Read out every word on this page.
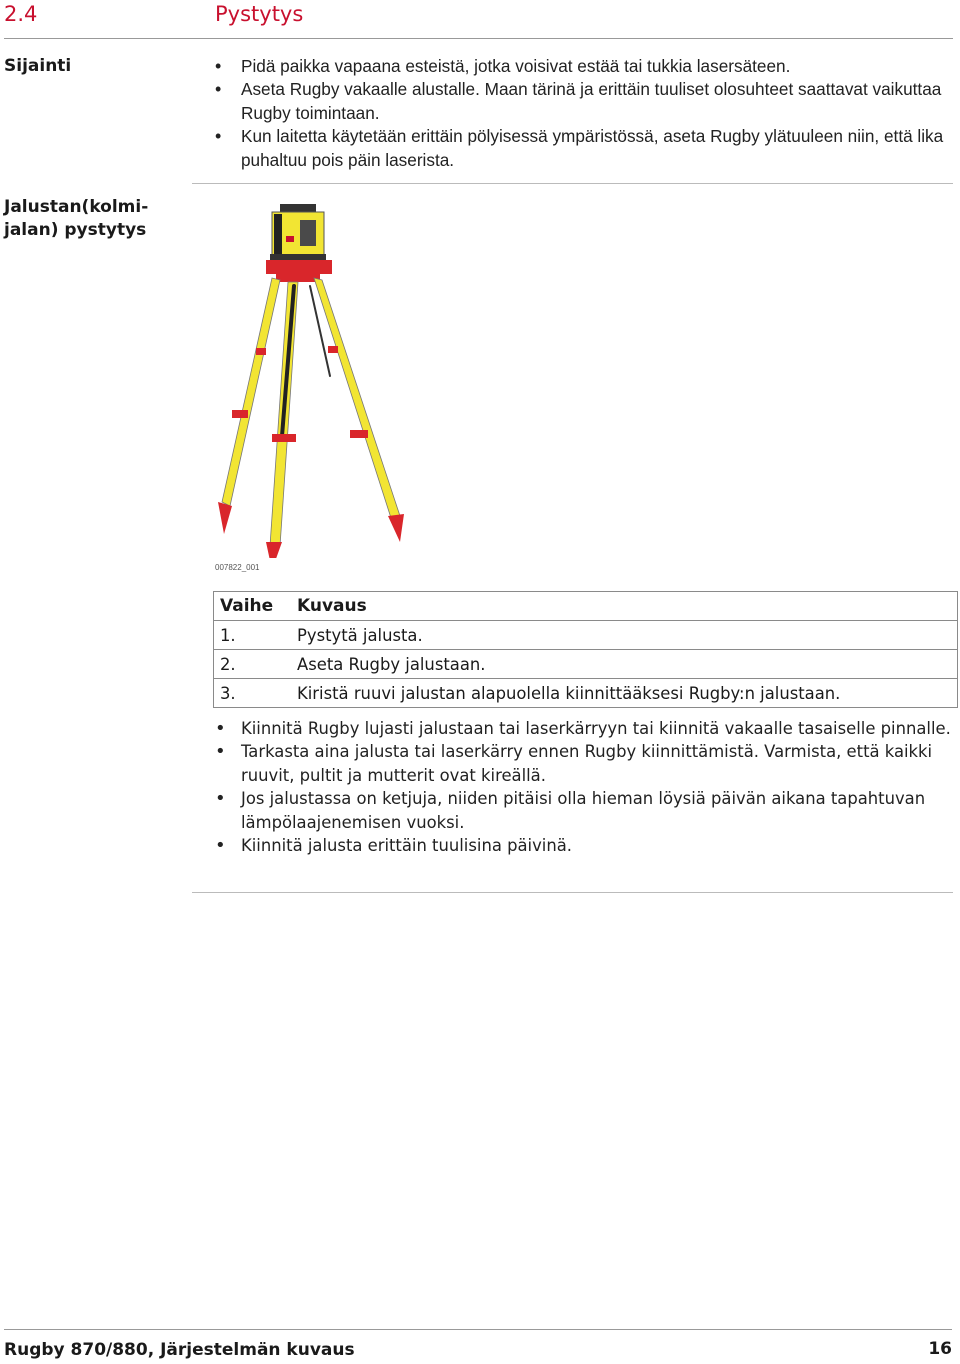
2.4	Pystytys
Sijainti	• Pidä paikka vapaana esteistä, jotka voisivat estää tai tukkia lasersäteen.
• Aseta Rugby vakaalle alustalle. Maan tärinä ja erittäin tuuliset olosuhteet saattavat vaikuttaa Rugby toimintaan.
• Kun laitetta käytetään erittäin pölyisessä ympäristössä, aseta Rugby ylätuuleen niin, että lika puhaltuu pois päin laserista.
Jalustan(kolmi-
jalan) pystytys
007822_001
Vaihe	Kuvaus
1.	Pystytä jalusta.
2.	Aseta Rugby jalustaan.
3.	Kiristä ruuvi jalustan alapuolella kiinnittääksesi Rugby:n jalustaan.
• Kiinnitä Rugby lujasti jalustaan tai laserkärryyn tai kiinnitä vakaalle tasaiselle pinnalle.
• Tarkasta aina jalusta tai laserkärry ennen Rugby kiinnittämistä. Varmista, että kaikki ruuvit, pultit ja mutterit ovat kireällä.
• Jos jalustassa on ketjuja, niiden pitäisi olla hieman löysiä päivän aikana tapahtuvan lämpölaajenemisen vuoksi.
• Kiinnitä jalusta erittäin tuulisina päivinä.
Rugby 870/880, Järjestelmän kuvaus	16
